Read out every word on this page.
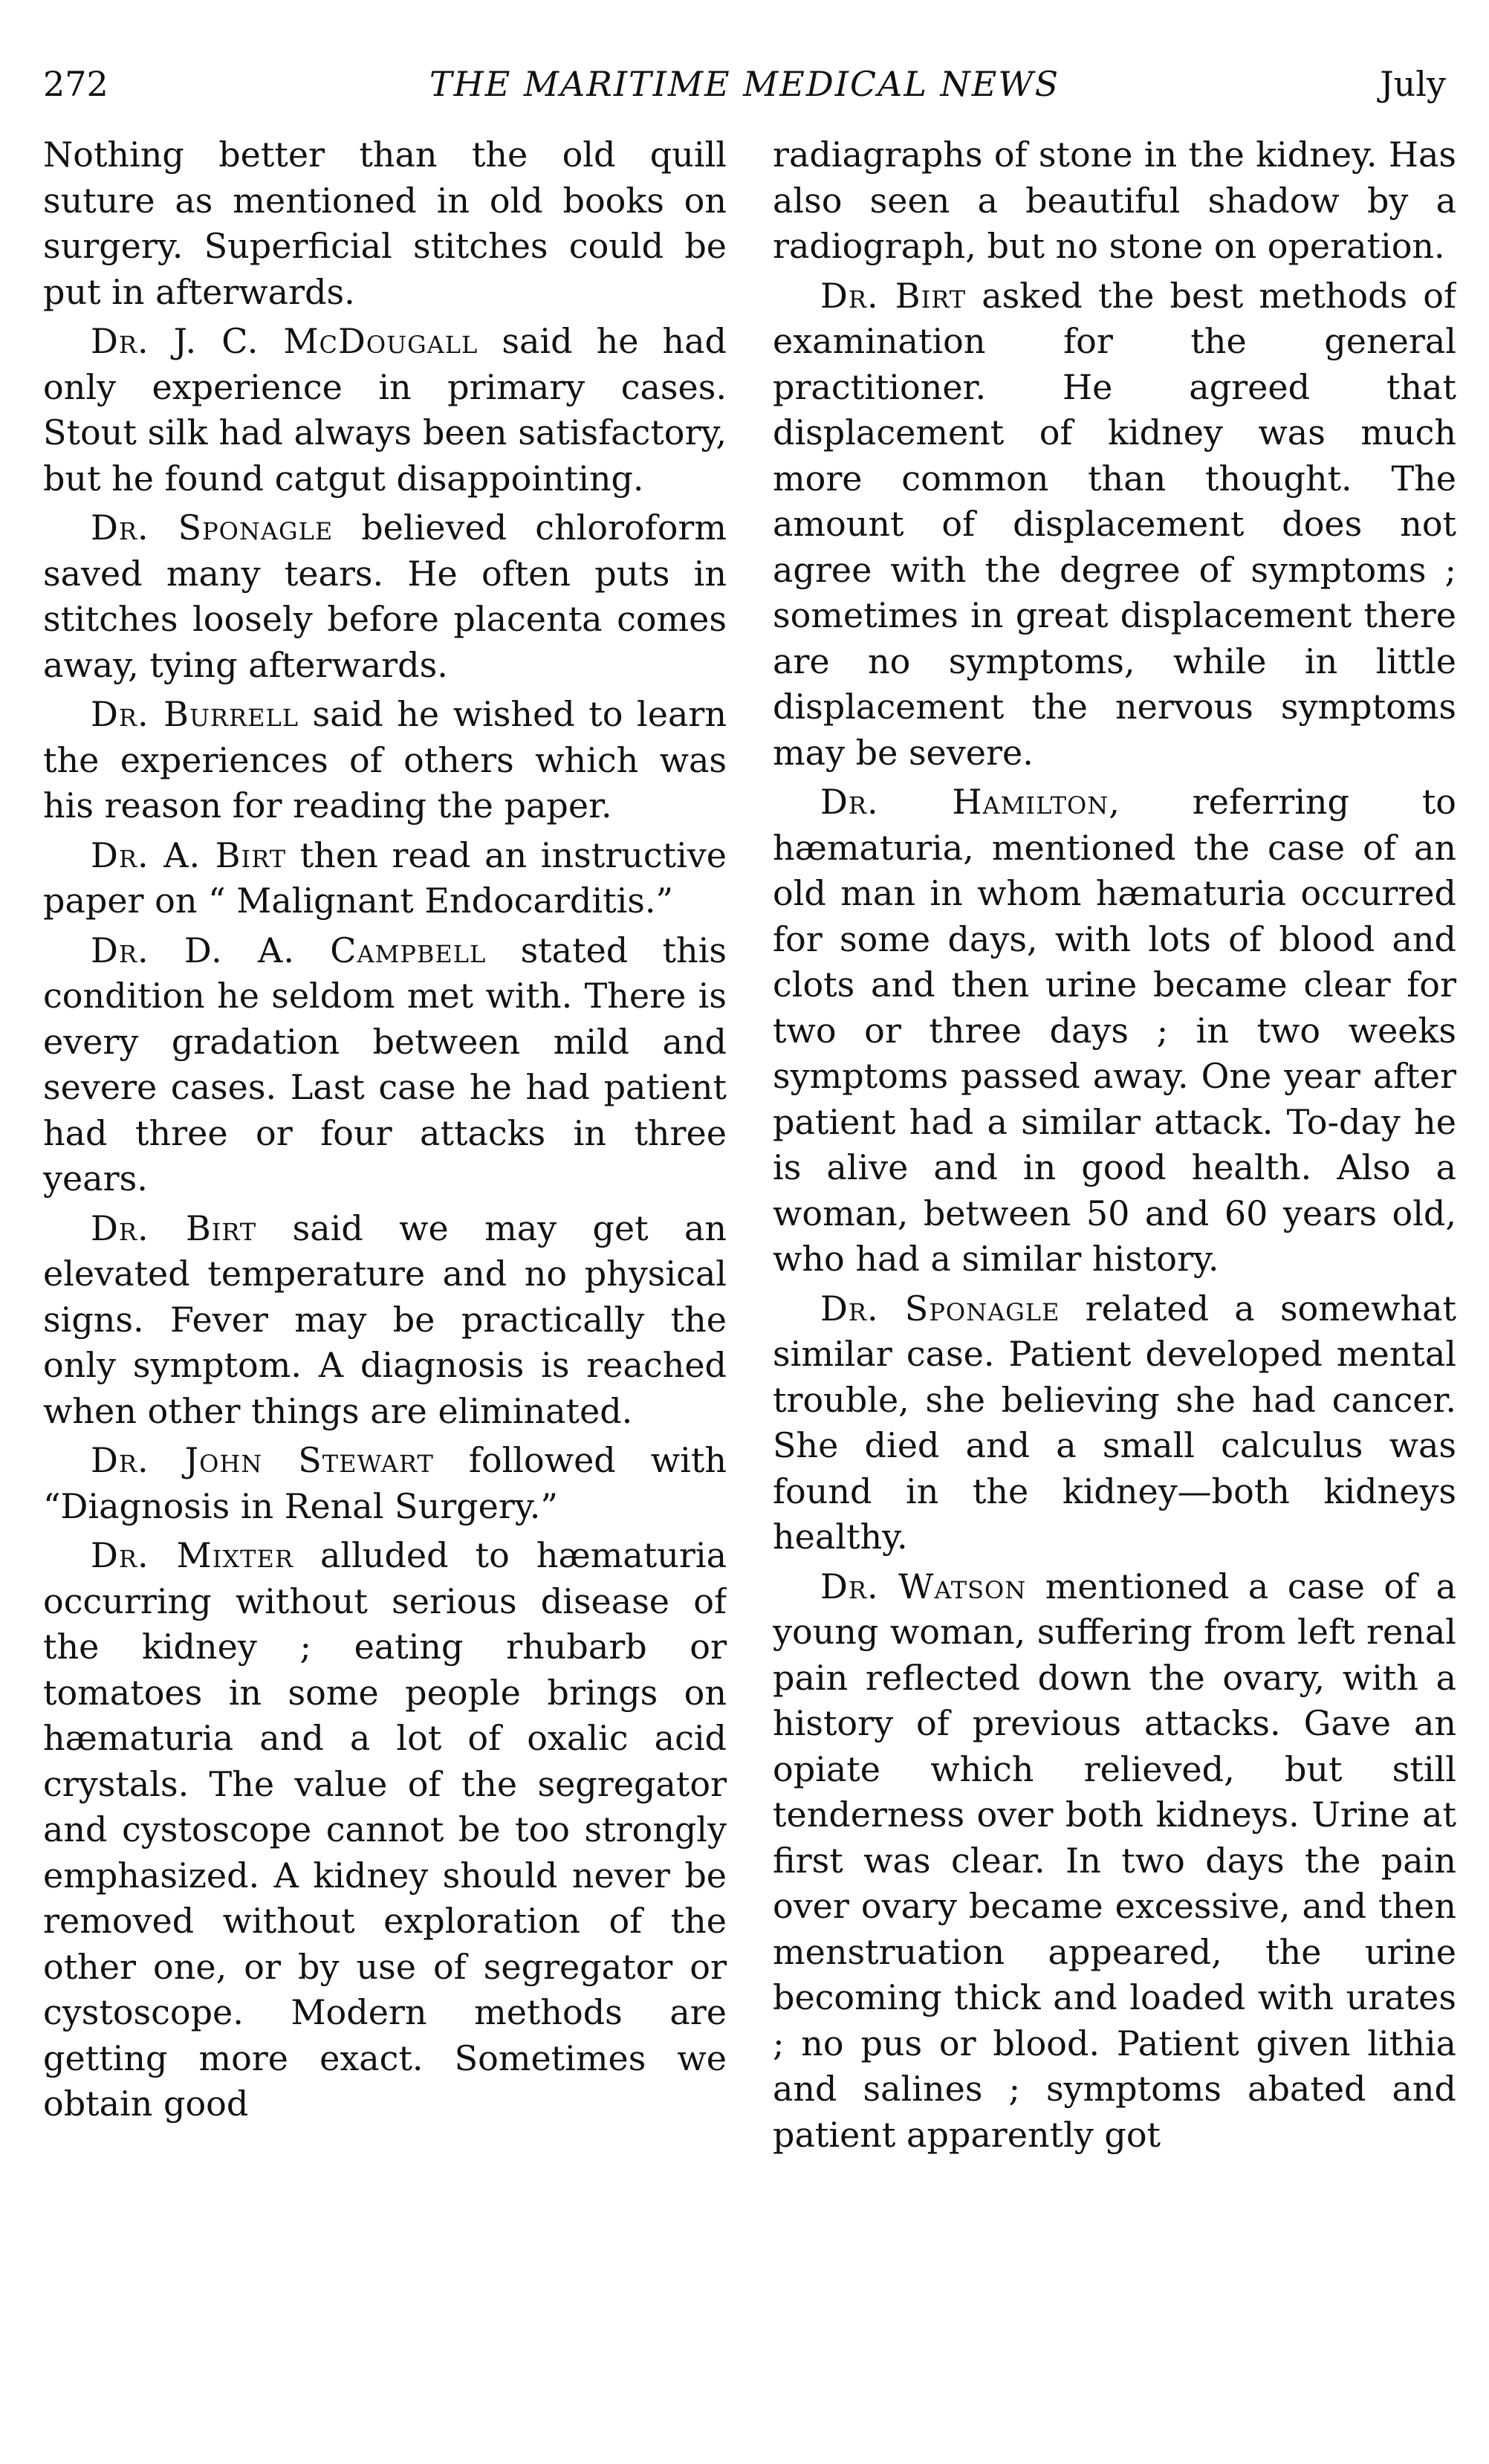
272	THE MARITIME MEDICAL NEWS	July

Nothing better than the old quill suture as mentioned in old books on surgery. Superficial stitches could be put in afterwards.

Dr. J. C. McDougall said he had only experience in primary cases. Stout silk had always been satisfactory, but he found catgut disappointing.

Dr. Sponagle believed chloroform saved many tears. He often puts in stitches loosely before placenta comes away, tying afterwards.

Dr. Burrell said he wished to learn the experiences of others which was his reason for reading the paper.

Dr. A. Birt then read an instructive paper on “ Malignant Endocarditis.”

Dr. D. A. Campbell stated this condition he seldom met with. There is every gradation between mild and severe cases. Last case he had patient had three or four attacks in three years.

Dr. Birt said we may get an elevated temperature and no physical signs. Fever may be practically the only symptom. A diagnosis is reached when other things are eliminated.

Dr. John Stewart followed with “Diagnosis in Renal Surgery.”

Dr. Mixter alluded to hæmaturia occurring without serious disease of the kidney ; eating rhubarb or tomatoes in some people brings on hæmaturia and a lot of oxalic acid crystals. The value of the segregator and cystoscope cannot be too strongly emphasized. A kidney should never be removed without exploration of the other one, or by use of segregator or cystoscope. Modern methods are getting more exact. Sometimes we obtain good

radiagraphs of stone in the kidney. Has also seen a beautiful shadow by a radiograph, but no stone on operation.

Dr. Birt asked the best methods of examination for the general practitioner. He agreed that displacement of kidney was much more common than thought. The amount of displacement does not agree with the degree of symptoms ; sometimes in great displacement there are no symptoms, while in little displacement the nervous symptoms may be severe.

Dr. Hamilton, referring to hæmaturia, mentioned the case of an old man in whom hæmaturia occurred for some days, with lots of blood and clots and then urine became clear for two or three days ; in two weeks symptoms passed away. One year after patient had a similar attack. To-day he is alive and in good health. Also a woman, between 50 and 60 years old, who had a similar history.

Dr. Sponagle related a somewhat similar case. Patient developed mental trouble, she believing she had cancer. She died and a small calculus was found in the kidney—both kidneys healthy.

Dr. Watson mentioned a case of a young woman, suffering from left renal pain reflected down the ovary, with a history of previous attacks. Gave an opiate which relieved, but still tenderness over both kidneys. Urine at first was clear. In two days the pain over ovary became excessive, and then menstruation appeared, the urine becoming thick and loaded with urates ; no pus or blood. Patient given lithia and salines ; symptoms abated and patient apparently got
